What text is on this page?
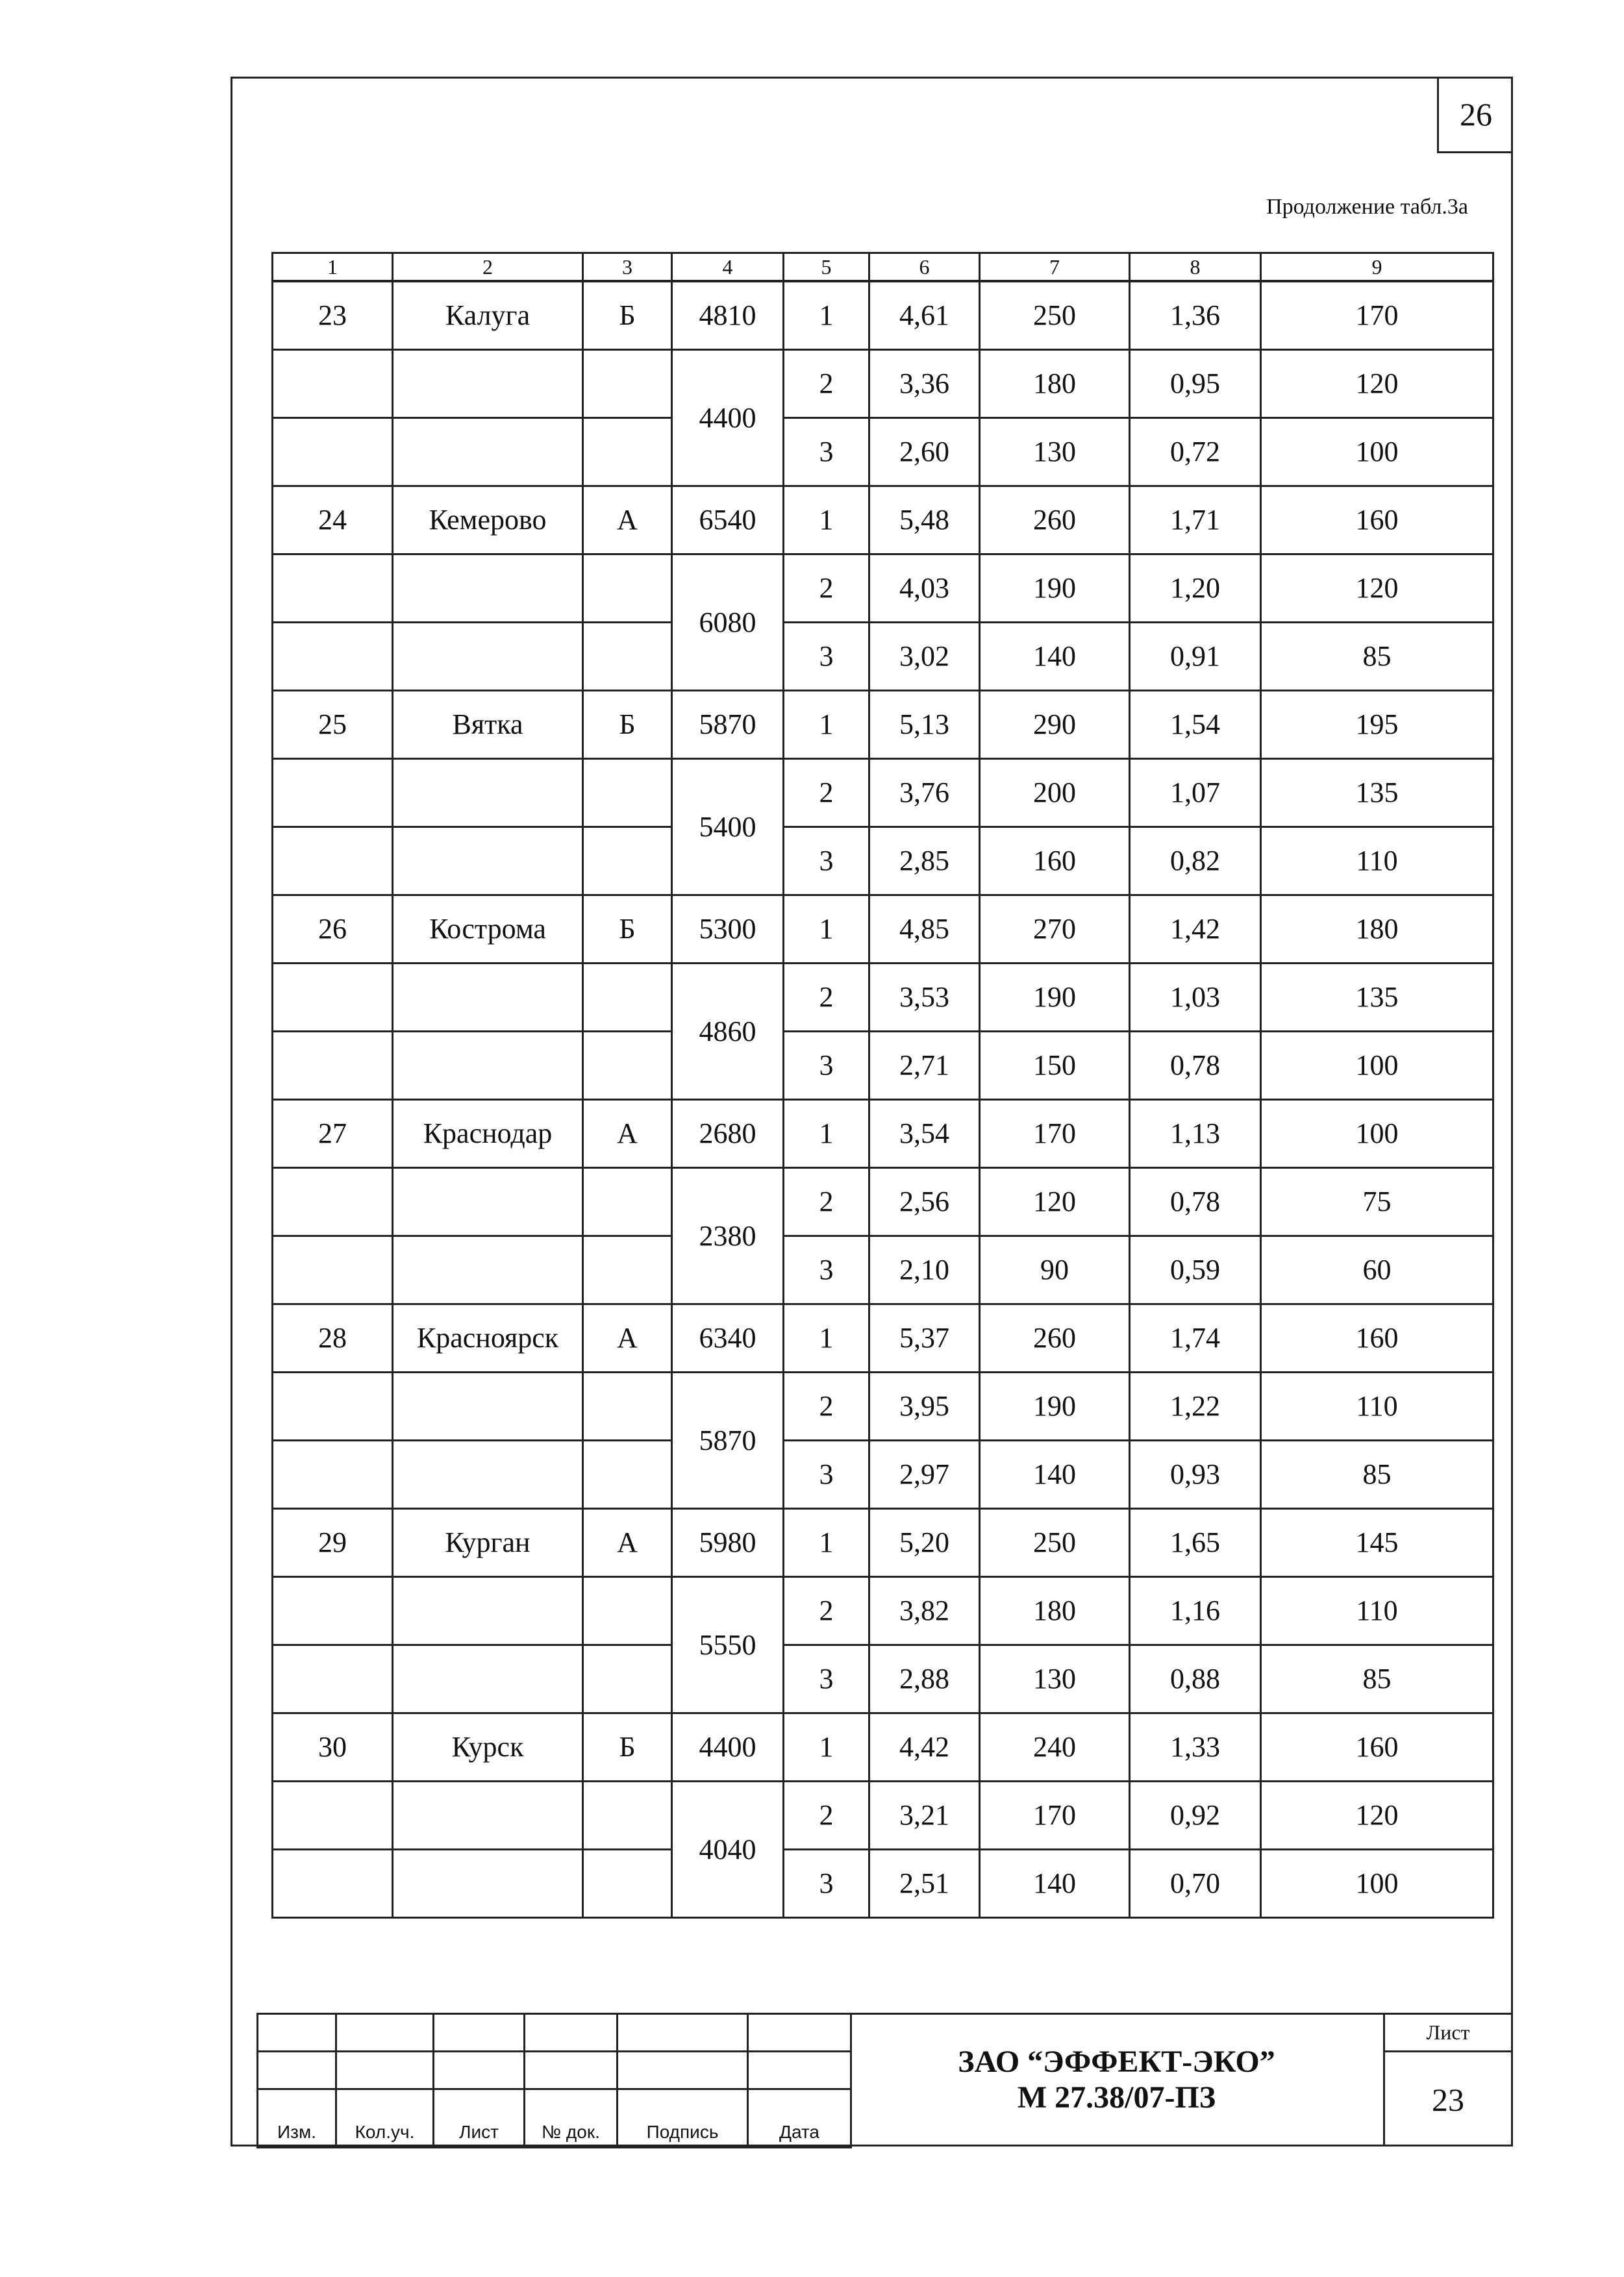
26
Продолжение табл.3а
1	2	3	4	5	6	7	8	9
23	Калуга	Б	4810	1	4,61	250	1,36	170
			4400	2	3,36	180	0,95	120
				3	2,60	130	0,72	100
24	Кемерово	А	6540	1	5,48	260	1,71	160
			6080	2	4,03	190	1,20	120
				3	3,02	140	0,91	85
25	Вятка	Б	5870	1	5,13	290	1,54	195
			5400	2	3,76	200	1,07	135
				3	2,85	160	0,82	110
26	Кострома	Б	5300	1	4,85	270	1,42	180
			4860	2	3,53	190	1,03	135
				3	2,71	150	0,78	100
27	Краснодар	А	2680	1	3,54	170	1,13	100
			2380	2	2,56	120	0,78	75
				3	2,10	90	0,59	60
28	Красноярск	А	6340	1	5,37	260	1,74	160
			5870	2	3,95	190	1,22	110
				3	2,97	140	0,93	85
29	Курган	А	5980	1	5,20	250	1,65	145
			5550	2	3,82	180	1,16	110
				3	2,88	130	0,88	85
30	Курск	Б	4400	1	4,42	240	1,33	160
			4040	2	3,21	170	0,92	120
				3	2,51	140	0,70	100

Изм.	Кол.уч.	Лист	№ док.	Подпись	Дата
ЗАО “ЭФФЕКТ-ЭКО”
М 27.38/07-ПЗ
Лист
23
